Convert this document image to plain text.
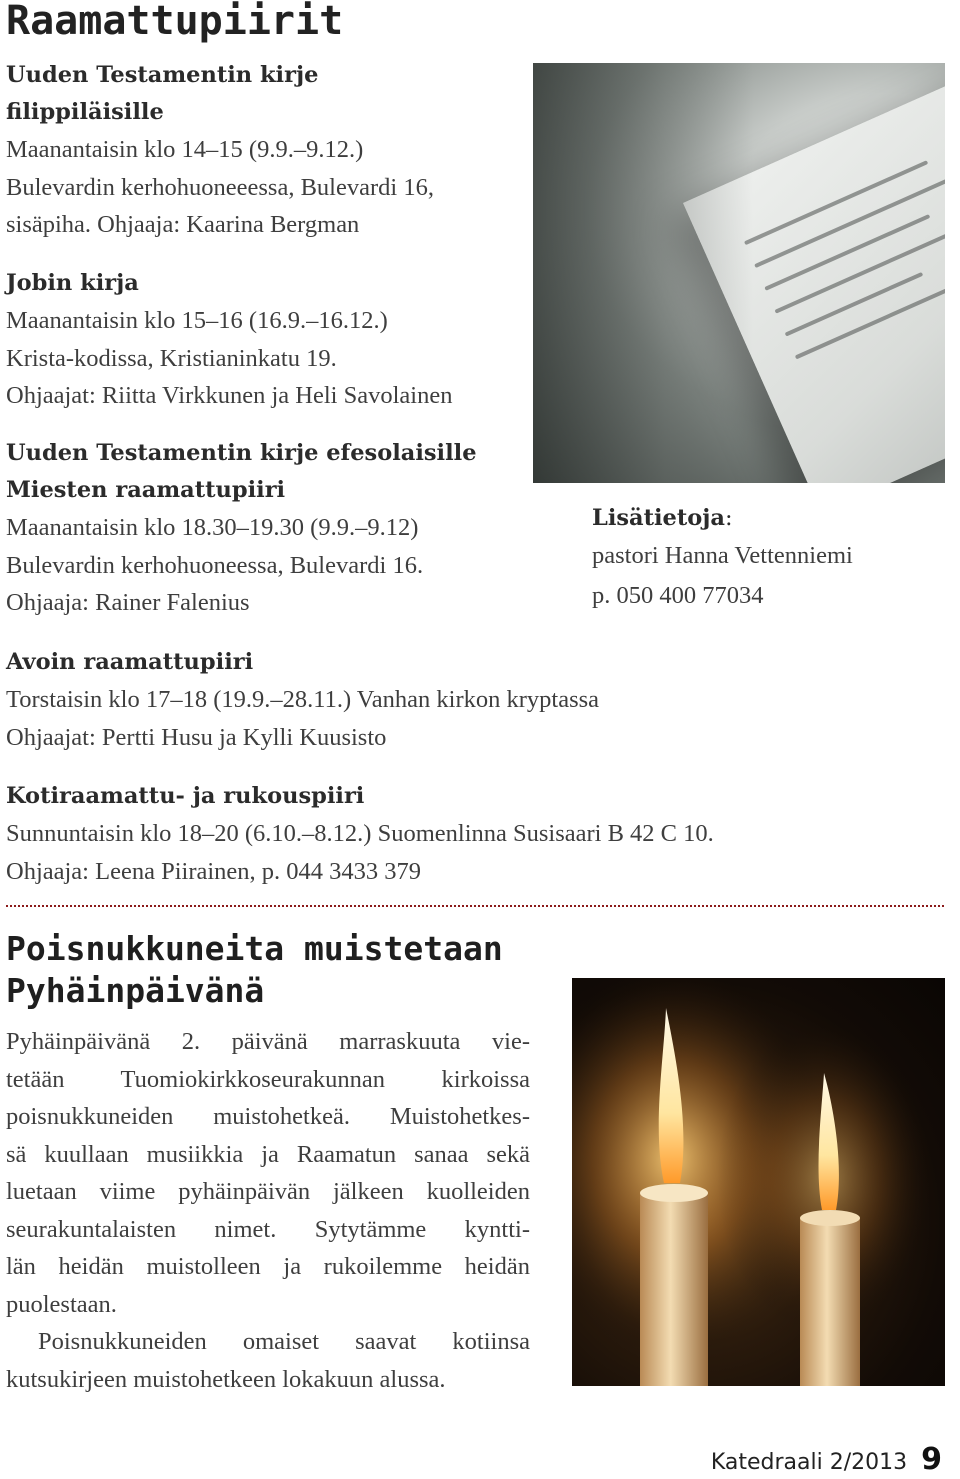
Raamattupiirit
Uuden Testamentin kirje
filippiläisille
Maanantaisin klo 14–15 (9.9.–9.12.)
Bulevardin kerhohuoneeessa, Bulevardi 16,
sisäpiha. Ohjaaja: Kaarina Bergman
Jobin kirja
Maanantaisin klo 15–16 (16.9.–16.12.)
Krista-kodissa, Kristianinkatu 19.
Ohjaajat: Riitta Virkkunen ja Heli Savolainen
Uuden Testamentin kirje efesolaisille
Miesten raamattupiiri
Maanantaisin klo 18.30–19.30 (9.9.–9.12)
Bulevardin kerhohuoneessa, Bulevardi 16.
Ohjaaja: Rainer Falenius
Avoin raamattupiiri
Torstaisin klo 17–18 (19.9.–28.11.) Vanhan kirkon kryptassa
Ohjaajat: Pertti Husu ja Kylli Kuusisto
Kotiraamattu- ja rukouspiiri
Sunnuntaisin klo 18–20 (6.10.–8.12.) Suomenlinna Susisaari B 42 C 10.
Ohjaaja: Leena Piirainen, p. 044 3433 379
Lisätietoja:
pastori Hanna Vettenniemi
p. 050 400 77034
Poisnukkuneita muistetaan
Pyhäinpäivänä
Pyhäinpäivänä 2. päivänä marraskuuta vie-
tetään Tuomiokirkkoseurakunnan kirkoissa
poisnukkuneiden muistohetkeä. Muistohetkes-
sä kuullaan musiikkia ja Raamatun sanaa sekä
luetaan viime pyhäinpäivän jälkeen kuolleiden
seurakuntalaisten nimet. Sytytämme kyntti-
län heidän muistolleen ja rukoilemme heidän
puolestaan.
Poisnukkuneiden omaiset saavat kotiinsa
kutsukirjeen muistohetkeen lokakuun alussa.
Katedraali 2/2013 9
